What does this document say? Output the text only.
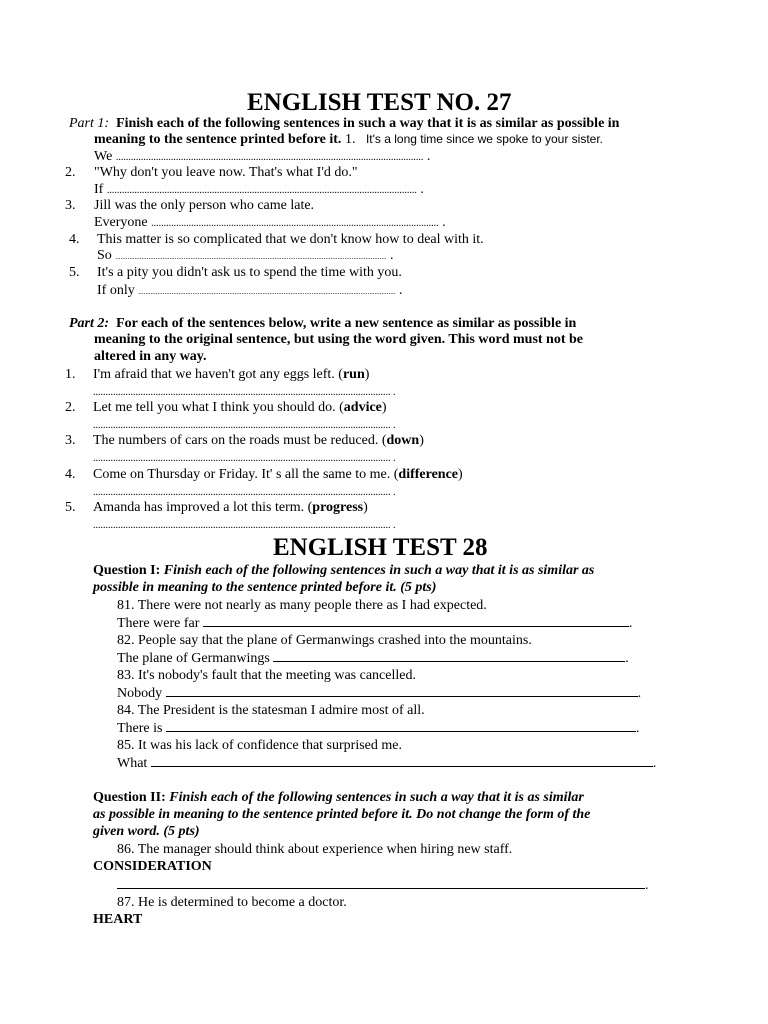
ENGLISH TEST NO. 27
Part 1: Finish each of the following sentences in such a way that it is as similar as possible in
meaning to the sentence printed before it. 1. It's a long time since we spoke to your sister.
We ........................................................................................................................... .
2. "Why don't you leave now. That's what I'd do."
If ............................................................................................................................ .
3. Jill was the only person who came late.
Everyone ................................................................................................................... .
4. This matter is so complicated that we don't know how to deal with it.
So ........................................................................................................................................................... .
5. It's a pity you didn't ask us to spend the time with you.
If only ................................................................................................................................................... .
Part 2: For each of the sentences below, write a new sentence as similar as possible in
meaning to the original sentence, but using the word given. This word must not be
altered in any way.
1. I'm afraid that we haven't got any eggs left. (run)
....................................................................................................................... .
2. Let me tell you what I think you should do. (advice)
....................................................................................................................... .
3. The numbers of cars on the roads must be reduced. (down)
....................................................................................................................... .
4. Come on Thursday or Friday. It' s all the same to me. (difference)
....................................................................................................................... .
5. Amanda has improved a lot this term. (progress)
....................................................................................................................... .
ENGLISH TEST 28
Question I: Finish each of the following sentences in such a way that it is as similar as
possible in meaning to the sentence printed before it. (5 pts)
81. There were not nearly as many people there as I had expected.
There were far	.
82. People say that the plane of Germanwings crashed into the mountains.
The plane of Germanwings	.
83. It's nobody's fault that the meeting was cancelled.
Nobody	.
84. The President is the statesman I admire most of all.
There is	.
85. It was his lack of confidence that surprised me.
What	.
Question II: Finish each of the following sentences in such a way that it is as similar
as possible in meaning to the sentence printed before it. Do not change the form of the
given word. (5 pts)
86. The manager should think about experience when hiring new staff.
CONSIDERATION
.
87. He is determined to become a doctor.
HEART
